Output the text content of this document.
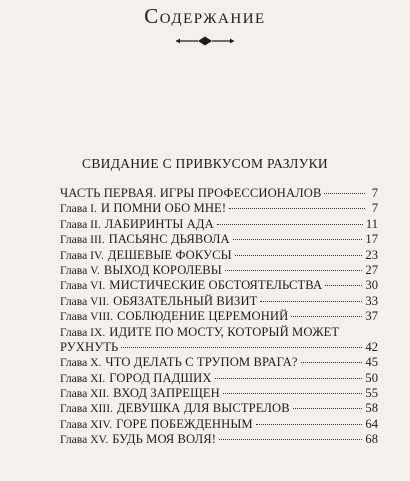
Содержание
СВИДАНИЕ С ПРИВКУСОМ РАЗЛУКИ
ЧАСТЬ ПЕРВАЯ. ИГРЫ ПРОФЕССИОНАЛОВ	7
Глава I. И ПОМНИ ОБО МНЕ!	7
Глава II. ЛАБИРИНТЫ АДА	11
Глава III. ПАСЬЯНС ДЬЯВОЛА	17
Глава IV. ДЕШЕВЫЕ ФОКУСЫ	23
Глава V. ВЫХОД КОРОЛЕВЫ	27
Глава VI. МИСТИЧЕСКИЕ ОБСТОЯТЕЛЬСТВА	30
Глава VII. ОБЯЗАТЕЛЬНЫЙ ВИЗИТ	33
Глава VIII. СОБЛЮДЕНИЕ ЦЕРЕМОНИЙ	37
Глава IX. ИДИТЕ ПО МОСТУ, КОТОРЫЙ МОЖЕТ
РУХНУТЬ	42
Глава X. ЧТО ДЕЛАТЬ С ТРУПОМ ВРАГА?	45
Глава XI. ГОРОД ПАДШИХ	50
Глава XII. ВХОД ЗАПРЕЩЕН	55
Глава XIII. ДЕВУШКА ДЛЯ ВЫСТРЕЛОВ	58
Глава XIV. ГОРЕ ПОБЕЖДЕННЫМ	64
Глава XV. БУДЬ МОЯ ВОЛЯ!	68
